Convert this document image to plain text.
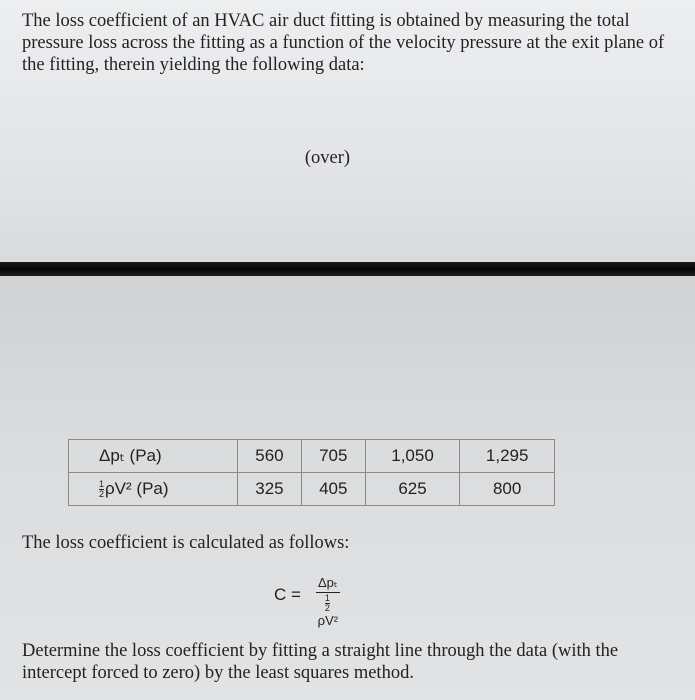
The loss coefficient of an HVAC air duct fitting is obtained by measuring the total pressure loss across the fitting as a function of the velocity pressure at the exit plane of the fitting, therein yielding the following data:

(over)

Δpₜ (Pa)	560	705	1,050	1,295

$\frac{1}{2} \rho V^2$ (Pa)	325	405	625	800

The loss coefficient is calculated as follows:

C =
Δpₜ
$\frac{1}{2}$
ρV²

Determine the loss coefficient by fitting a straight line through the data (with the intercept forced to zero) by the least squares method.
